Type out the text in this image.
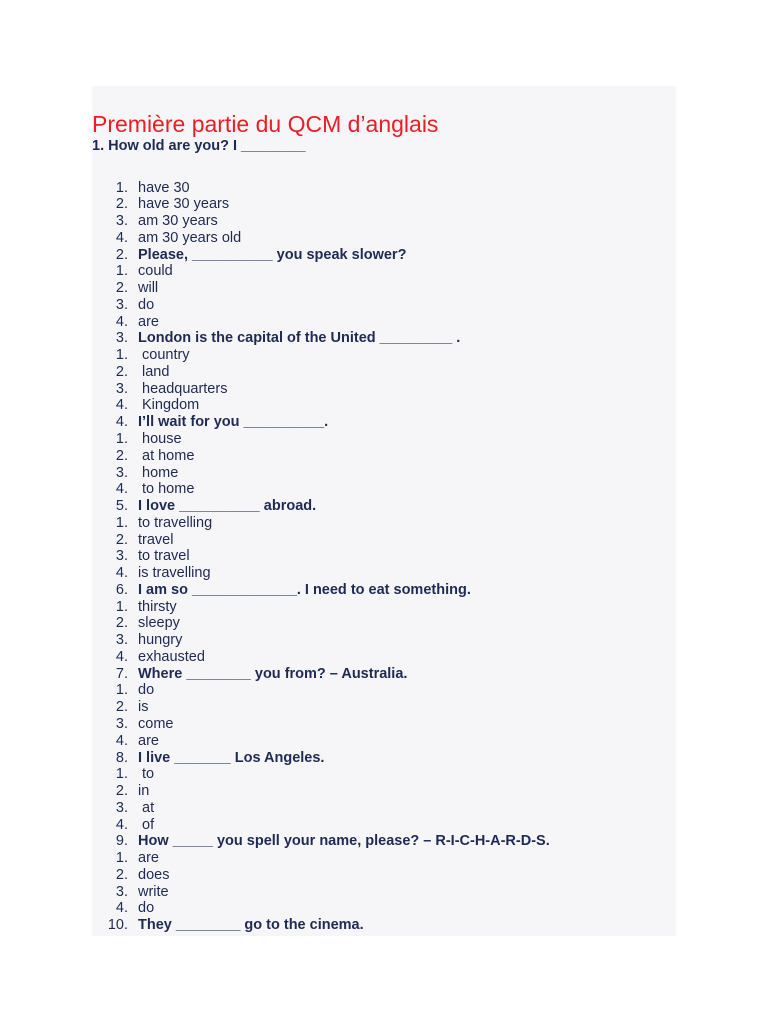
Première partie du QCM d’anglais
1. How old are you? I ________
1. have 30
2. have 30 years
3. am 30 years
4. am 30 years old
2. Please, __________ you speak slower?
1. could
2. will
3. do
4. are
3. London is the capital of the United _________ .
1. country
2. land
3. headquarters
4. Kingdom
4. I’ll wait for you __________.
1. house
2. at home
3. home
4. to home
5. I love __________ abroad.
1. to travelling
2. travel
3. to travel
4. is travelling
6. I am so _____________. I need to eat something.
1. thirsty
2. sleepy
3. hungry
4. exhausted
7. Where ________ you from? – Australia.
1. do
2. is
3. come
4. are
8. I live _______ Los Angeles.
1. to
2. in
3. at
4. of
9. How _____ you spell your name, please? – R-I-C-H-A-R-D-S.
1. are
2. does
3. write
4. do
10. They ________ go to the cinema.
